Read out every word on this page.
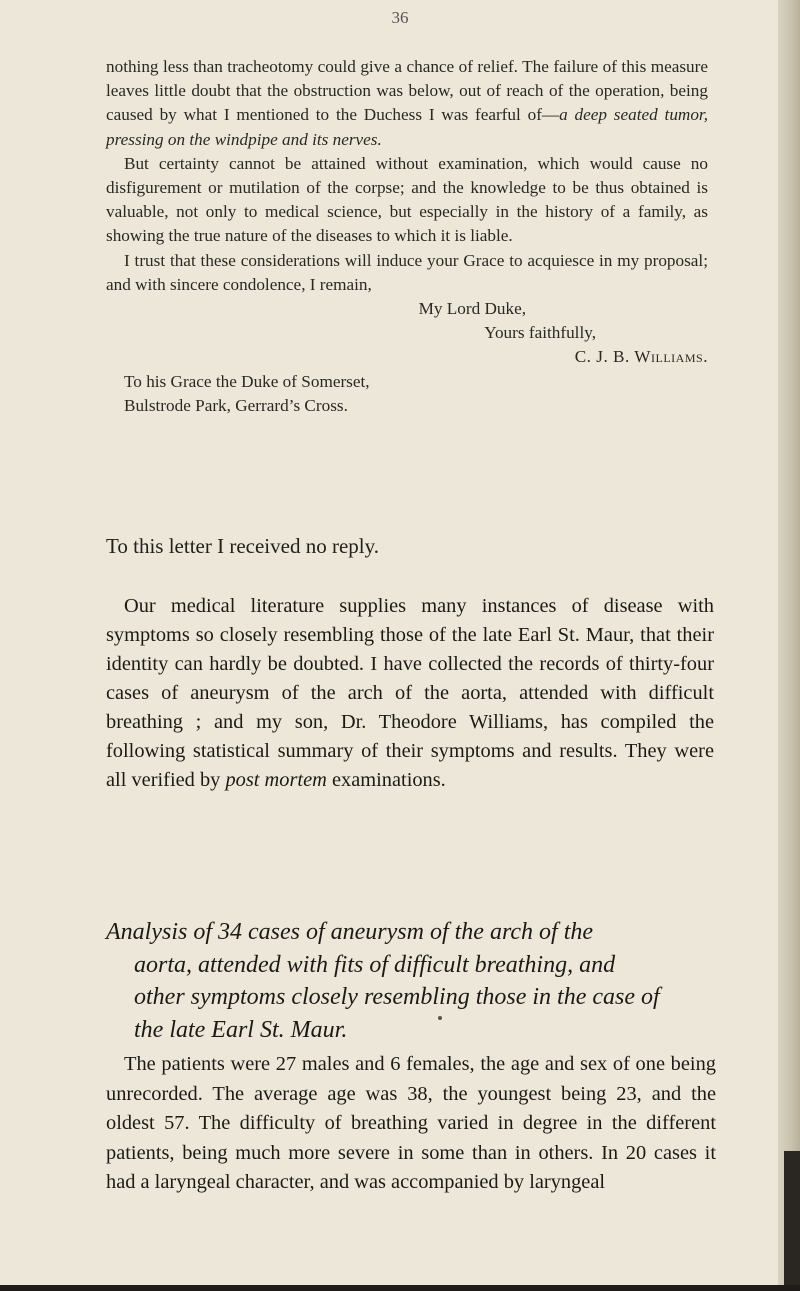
36

nothing less than tracheotomy could give a chance of relief. The failure of this measure leaves little doubt that the obstruction was below, out of reach of the operation, being caused by what I mentioned to the Duchess I was fearful of—a deep seated tumor, pressing on the windpipe and its nerves.

But certainty cannot be attained without examination, which would cause no disfigurement or mutilation of the corpse; and the knowledge to be thus obtained is valuable, not only to medical science, but especially in the history of a family, as showing the true nature of the diseases to which it is liable.

I trust that these considerations will induce your Grace to acquiesce in my proposal; and with sincere condolence, I remain,

My Lord Duke,

Yours faithfully,

C. J. B. Williams.

To his Grace the Duke of Somerset,

Bulstrode Park, Gerrard’s Cross.

To this letter I received no reply.

Our medical literature supplies many instances of disease with symptoms so closely resembling those of the late Earl St. Maur, that their identity can hardly be doubted. I have collected the records of thirty-four cases of aneurysm of the arch of the aorta, attended with difficult breathing ; and my son, Dr. Theodore Williams, has compiled the following statistical summary of their symptoms and results. They were all verified by post mortem examinations.

Analysis of 34 cases of aneurysm of the arch of the
aorta, attended with fits of difficult breathing, and
other symptoms closely resembling those in the case of
the late Earl St. Maur.

The patients were 27 males and 6 females, the age and sex of one being unrecorded. The average age was 38, the youngest being 23, and the oldest 57. The difficulty of breathing varied in degree in the different patients, being much more severe in some than in others. In 20 cases it had a laryngeal character, and was accompanied by laryngeal
